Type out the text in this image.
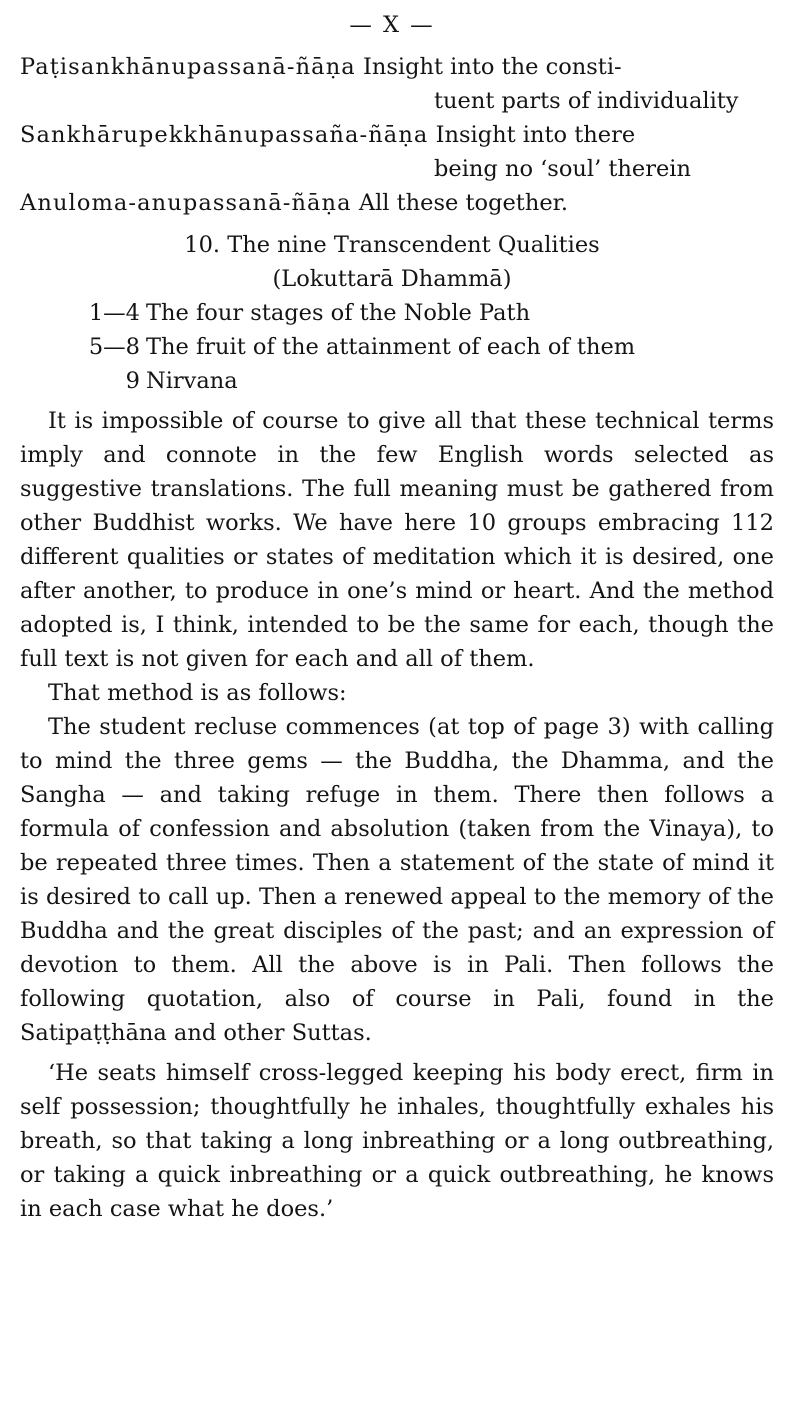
— X —
Paṭisankhānupassanā-ñāṇa Insight into the consti-
tuent parts of individuality
Sankhārupekkhānupassaña-ñāṇa Insight into there
being no ‘soul’ therein
Anuloma-anupassanā-ñāṇa All these together.
10. The nine Transcendent Qualities
(Lokuttarā Dhammā)
1—4 The four stages of the Noble Path
5—8 The fruit of the attainment of each of them
9 Nirvana

It is impossible of course to give all that these technical terms imply and connote in the few English words selected as suggestive translations. The full meaning must be gathered from other Buddhist works. We have here 10 groups embracing 112 different qualities or states of meditation which it is desired, one after another, to produce in one’s mind or heart. And the method adopted is, I think, intended to be the same for each, though the full text is not given for each and all of them.

That method is as follows:

The student recluse commences (at top of page 3) with calling to mind the three gems — the Buddha, the Dhamma, and the Sangha — and taking refuge in them. There then follows a formula of confession and absolution (taken from the Vinaya), to be repeated three times. Then a statement of the state of mind it is desired to call up. Then a renewed appeal to the memory of the Buddha and the great disciples of the past; and an expression of devotion to them. All the above is in Pali. Then follows the following quotation, also of course in Pali, found in the Satipaṭṭhāna and other Suttas.

‘He seats himself cross-legged keeping his body erect, firm in self possession; thoughtfully he inhales, thoughtfully exhales his breath, so that taking a long inbreathing or a long outbreathing, or taking a quick inbreathing or a quick outbreathing, he knows in each case what he does.’
